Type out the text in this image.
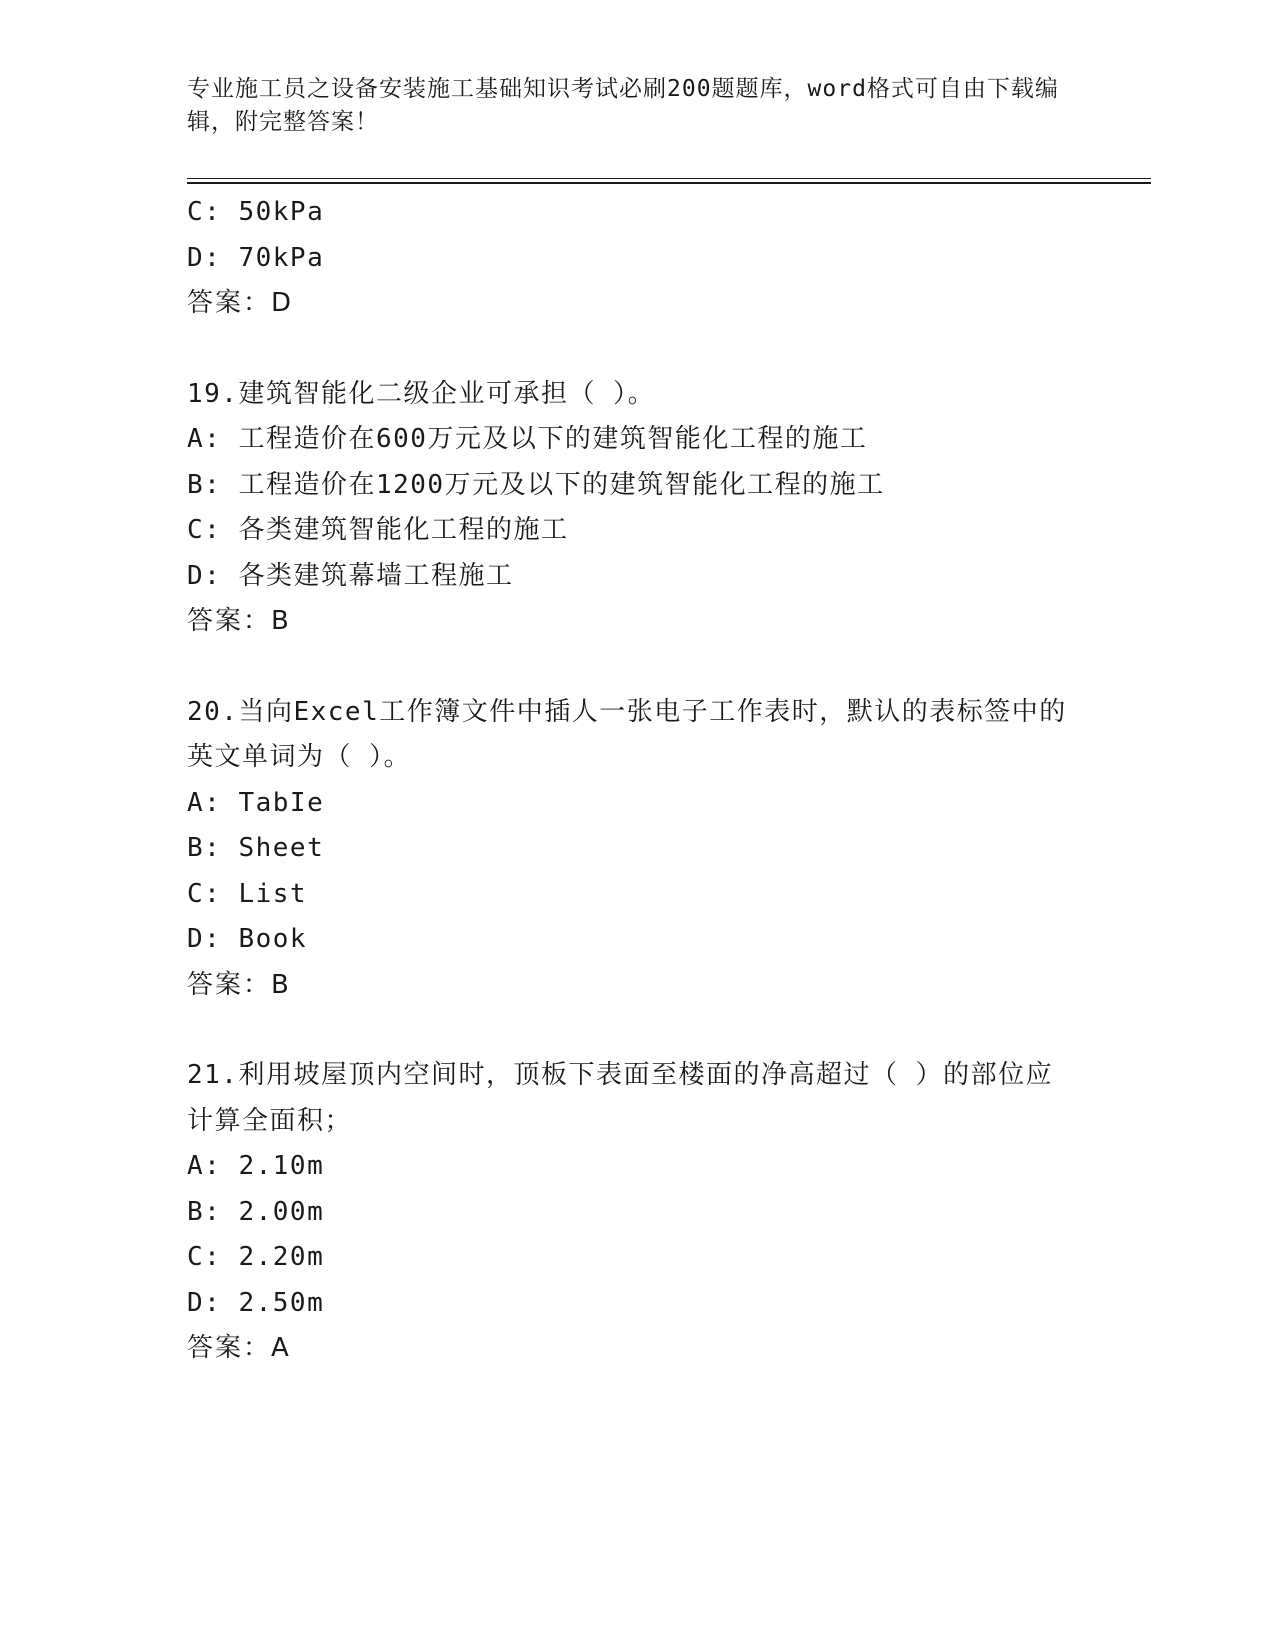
专业施工员之设备安装施工基础知识考试必刷200题题库，word格式可自由下载编辑，附完整答案！
C: 50kPa
D: 70kPa
答案：D
19.建筑智能化二级企业可承担（ ）。
A: 工程造价在600万元及以下的建筑智能化工程的施工
B: 工程造价在1200万元及以下的建筑智能化工程的施工
C: 各类建筑智能化工程的施工
D: 各类建筑幕墙工程施工
答案：B
20.当向Excel工作簿文件中插人一张电子工作表时，默认的表标签中的英文单词为（ ）。
A: TabIe
B: Sheet
C: List
D: Book
答案：B
21.利用坡屋顶内空间时，顶板下表面至楼面的净高超过（ ）的部位应计算全面积；
A: 2.10m
B: 2.00m
C: 2.20m
D: 2.50m
答案：A
